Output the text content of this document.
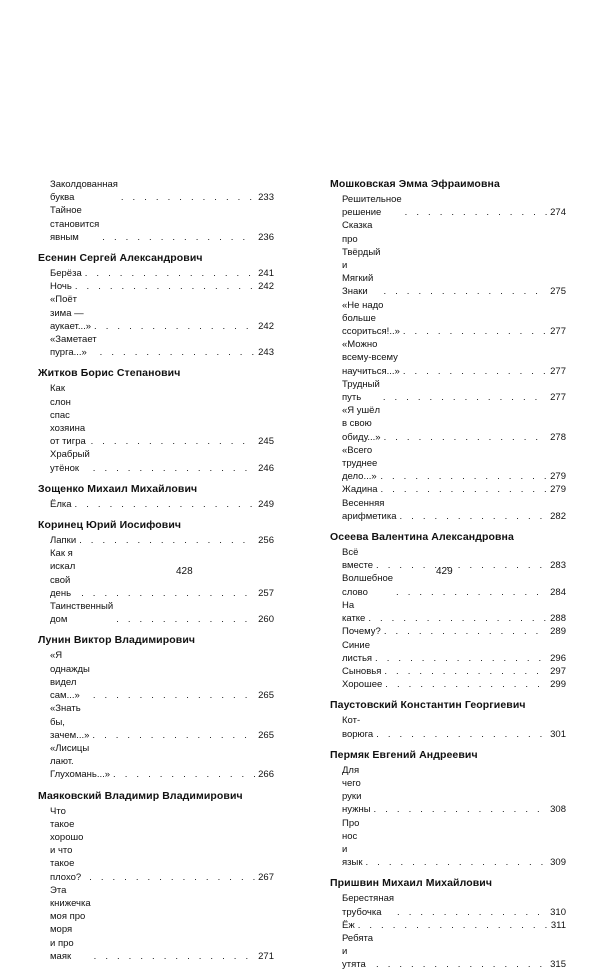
Заколдованная буква . . .	233
Тайное становится явным . . .	236
Есенин Сергей Александрович
Берёза . . .	241
Ночь . . .	242
«Поёт зима — аукает...» . . .	242
«Заметает пурга...» . . .	243
Житков Борис Степанович
Как слон спас хозяина от тигра . . .	245
Храбрый утёнок . . .	246
Зощенко Михаил Михайлович
Ёлка . . .	249
Коринец Юрий Иосифович
Лапки . . .	256
Как я искал свой день . . .	257
Таинственный дом . . .	260
Лунин Виктор Владимирович
«Я однажды видел сам...» . . .	265
«Знать бы, зачем...» . . .	265
«Лисицы лают. Глухомань...» . . .	266
Маяковский Владимир Владимирович
Что такое хорошо и что такое
плохо? . . .	267
Эта книжечка моя про моря
и про маяк . . .	271
428
Мошковская Эмма Эфраимовна
Решительное решение . . .	274
Сказка про Твёрдый и Мягкий
Знаки . . .	275
«Не надо больше ссориться!..» . . .	277
«Можно всему-всему научиться...» . . .	277
Трудный путь . . .	277
«Я ушёл в свою обиду...» . . .	278
«Всего труднее дело...» . . .	279
Жадина . . .	279
Весенняя арифметика . . .	282
Осеева Валентина Александровна
Всё вместе . . .	283
Волшебное слово . . .	284
На катке . . .	288
Почему? . . .	289
Синие листья . . .	296
Сыновья . . .	297
Хорошее . . .	299
Паустовский Константин Георгиевич
Кот-ворюга . . .	301
Пермяк Евгений Андреевич
Для чего руки нужны . . .	308
Про нос и язык . . .	309
Пришвин Михаил Михайлович
Берестяная трубочка . . .	310
Ёж . . .	311
Ребята и утята . . .	315
429
